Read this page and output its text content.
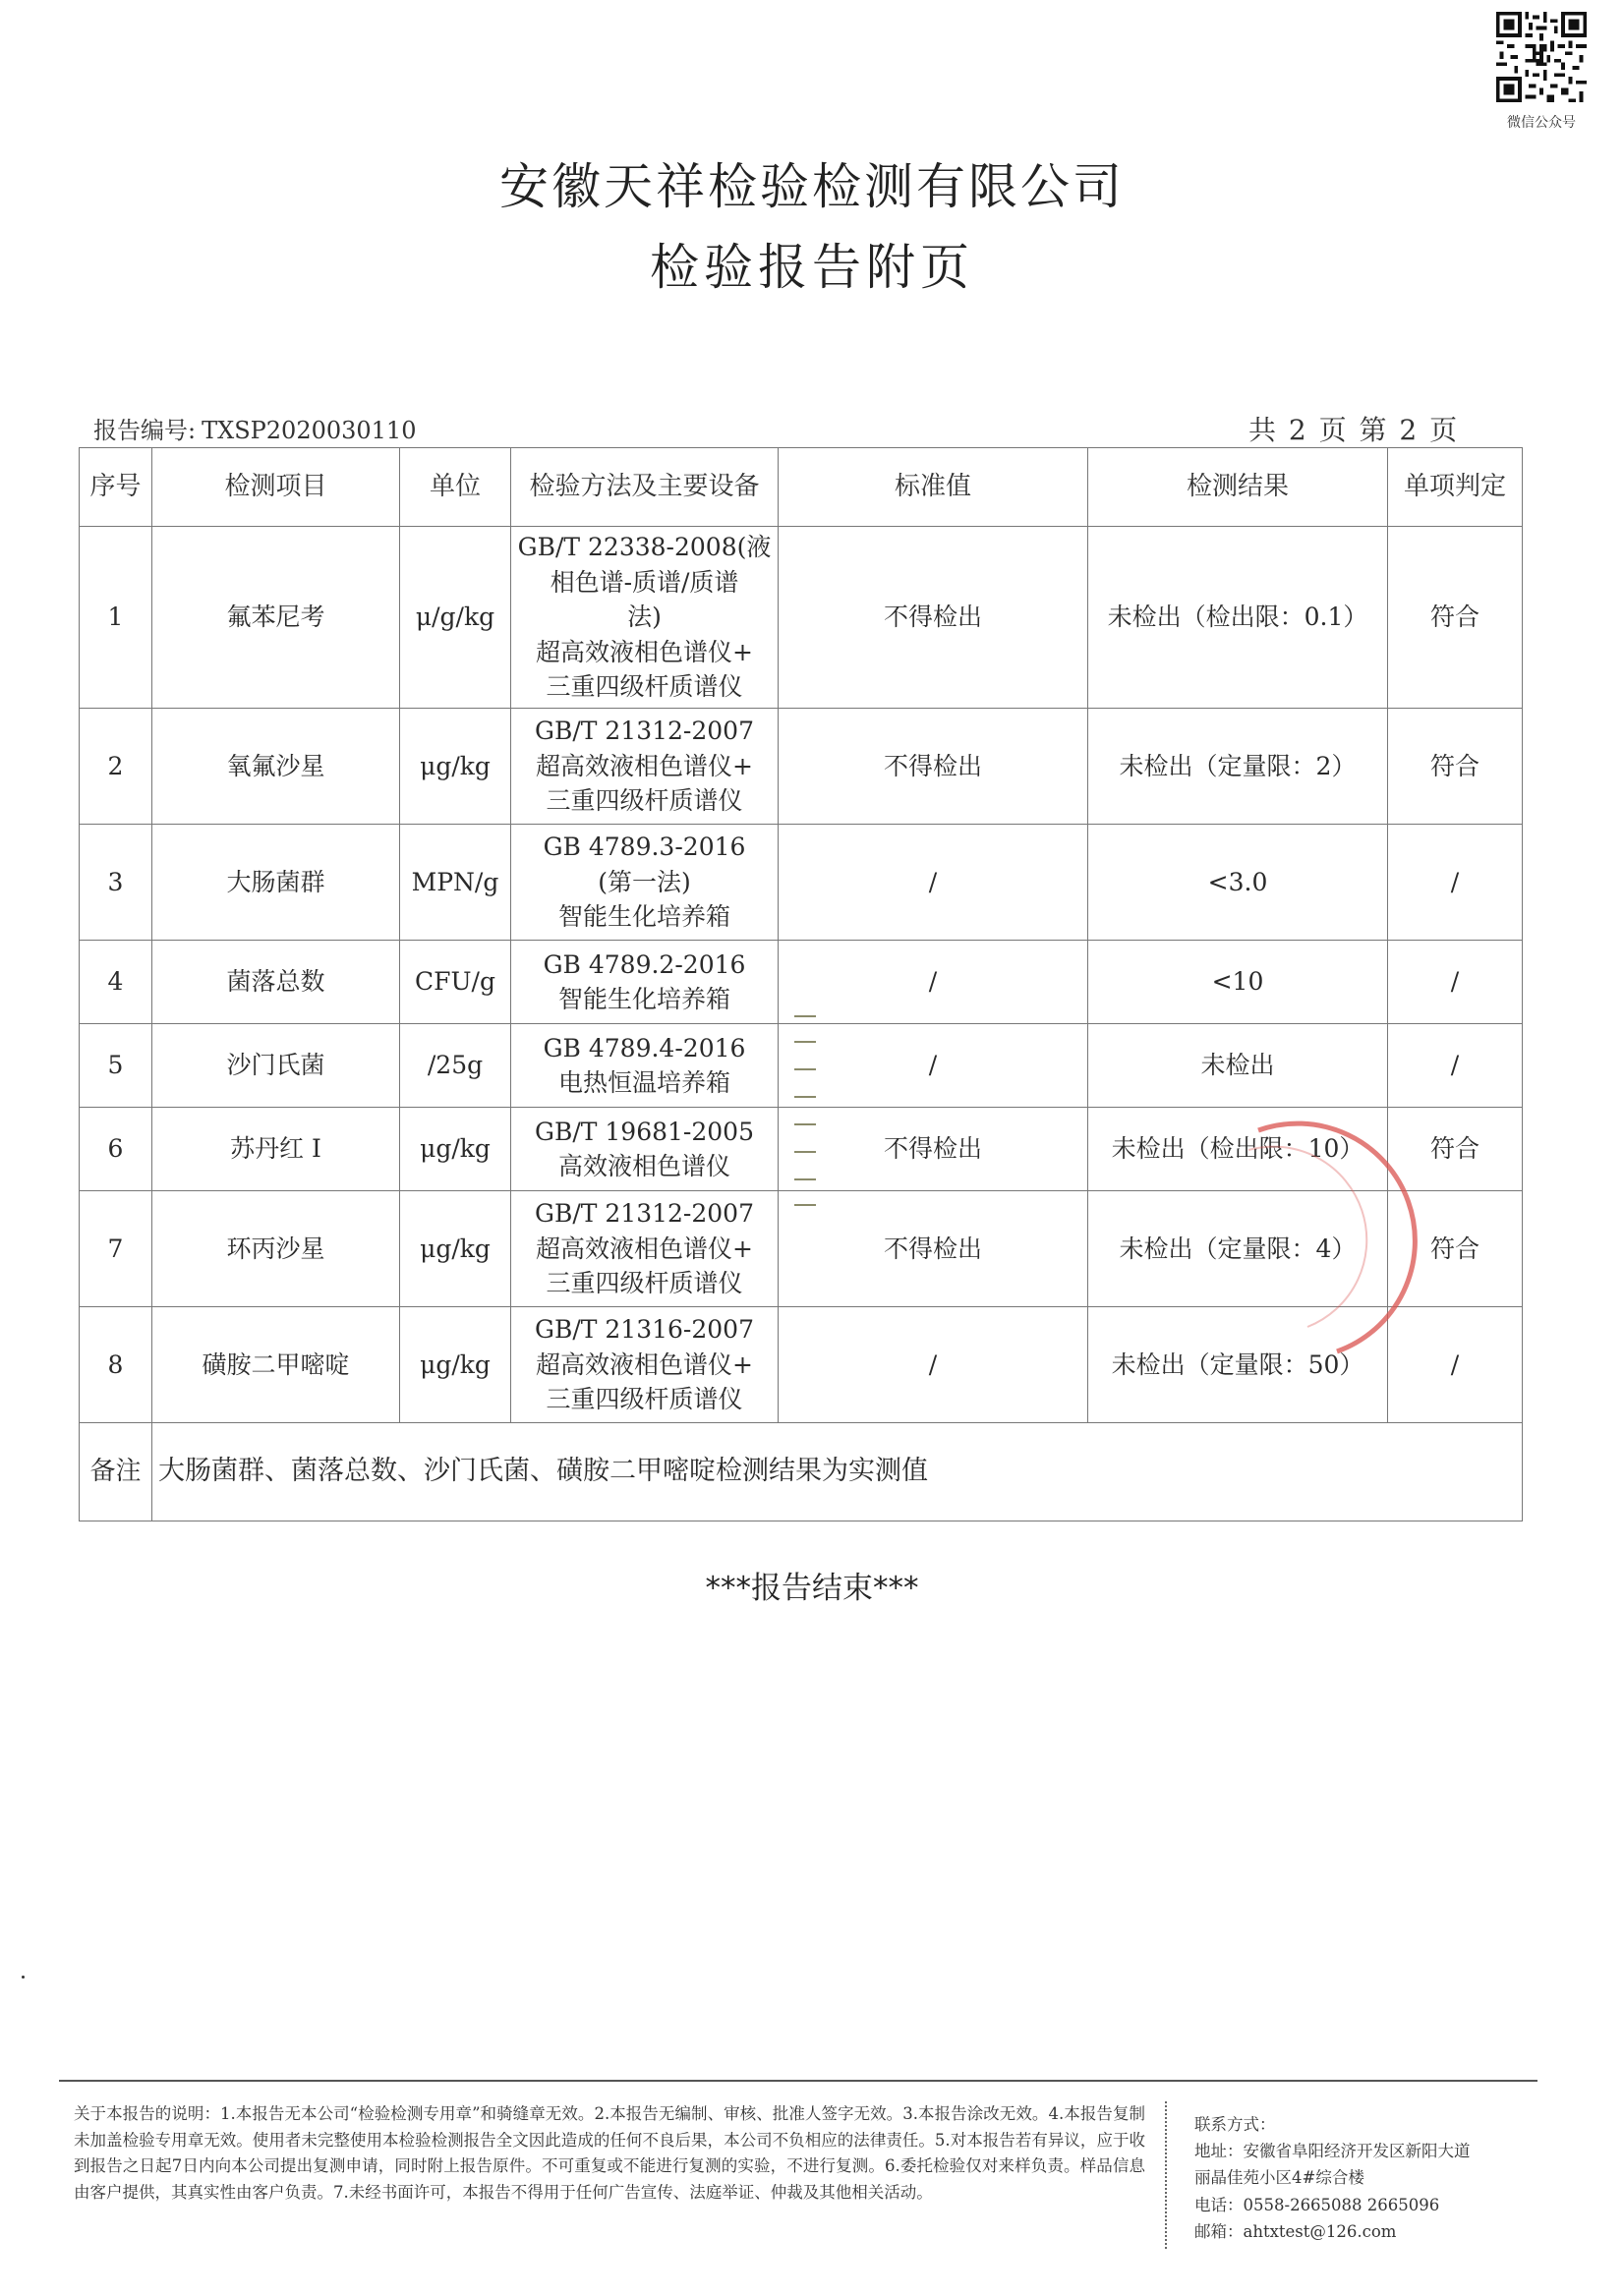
微信公众号
安徽天祥检验检测有限公司
检验报告附页
报告编号: TXSP2020030110	共 2 页 第 2 页
序号	检测项目	单位	检验方法及主要设备	标准值	检测结果	单项判定
1	氟苯尼考	μ/g/kg	GB/T 22338-2008(液
相色谱-质谱/质谱
法)
超高效液相色谱仪+
三重四级杆质谱仪	不得检出	未检出（检出限：0.1）	符合
2	氧氟沙星	μg/kg	GB/T 21312-2007
超高效液相色谱仪+
三重四级杆质谱仪	不得检出	未检出（定量限：2）	符合
3	大肠菌群	MPN/g	GB 4789.3-2016
(第一法)
智能生化培养箱	/	<3.0	/
4	菌落总数	CFU/g	GB 4789.2-2016
智能生化培养箱	/	<10	/
5	沙门氏菌	/25g	GB 4789.4-2016
电热恒温培养箱	/	未检出	/
6	苏丹红 I	μg/kg	GB/T 19681-2005
高效液相色谱仪	不得检出	未检出（检出限：10）	符合
7	环丙沙星	μg/kg	GB/T 21312-2007
超高效液相色谱仪+
三重四级杆质谱仪	不得检出	未检出（定量限：4）	符合
8	磺胺二甲嘧啶	μg/kg	GB/T 21316-2007
超高效液相色谱仪+
三重四级杆质谱仪	/	未检出（定量限：50）	/
备注	大肠菌群、菌落总数、沙门氏菌、磺胺二甲嘧啶检测结果为实测值					
***报告结束***
关于本报告的说明：1.本报告无本公司“检验检测专用章”和骑缝章无效。2.本报告无编制、审核、批准人签字无效。3.本报告涂改无效。4.本报告复制未加盖检验专用章无效。使用者未完整使用本检验检测报告全文因此造成的任何不良后果，本公司不负相应的法律责任。5.对本报告若有异议，应于收到报告之日起7日内向本公司提出复测申请，同时附上报告原件。不可重复或不能进行复测的实验，不进行复测。6.委托检验仅对来样负责。样品信息由客户提供，其真实性由客户负责。7.未经书面许可，本报告不得用于任何广告宣传、法庭举证、仲裁及其他相关活动。
联系方式：
地址：安徽省阜阳经济开发区新阳大道
丽晶佳苑小区4#综合楼
电话：0558-2665088 2665096
邮箱：ahtxtest@126.com
